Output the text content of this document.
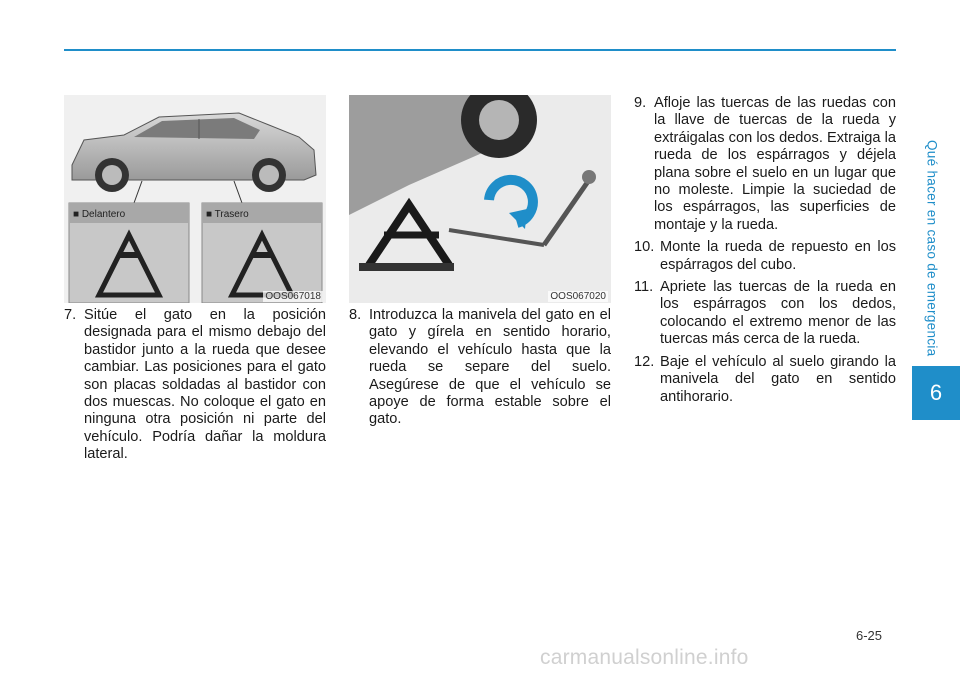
Qué hacer en caso de emergencia
6
■ Delantero	■ Trasero
OOS067018	OOS067020
7. Sitúe el gato en la posición designada para el mismo debajo del bastidor junto a la rueda que desee cambiar. Las posiciones para el gato son placas soldadas al bastidor con dos muescas. No coloque el gato en ninguna otra posición ni parte del vehículo. Podría dañar la moldura lateral.
8. Introduzca la manivela del gato en el gato y gírela en sentido horario, elevando el vehículo hasta que la rueda se separe del suelo. Asegúrese de que el vehículo se apoye de forma estable sobre el gato.
9. Afloje las tuercas de las ruedas con la llave de tuercas de la rueda y extráigalas con los dedos. Extraiga la rueda de los espárragos y déjela plana sobre el suelo en un lugar que no moleste. Limpie la suciedad de los espárragos, las superficies de montaje y la rueda.
10. Monte la rueda de repuesto en los espárragos del cubo.
11. Apriete las tuercas de la rueda en los espárragos con los dedos, colocando el extremo menor de las tuercas más cerca de la rueda.
12. Baje el vehículo al suelo girando la manivela del gato en sentido antihorario.
6-25
carmanualsonline.info
